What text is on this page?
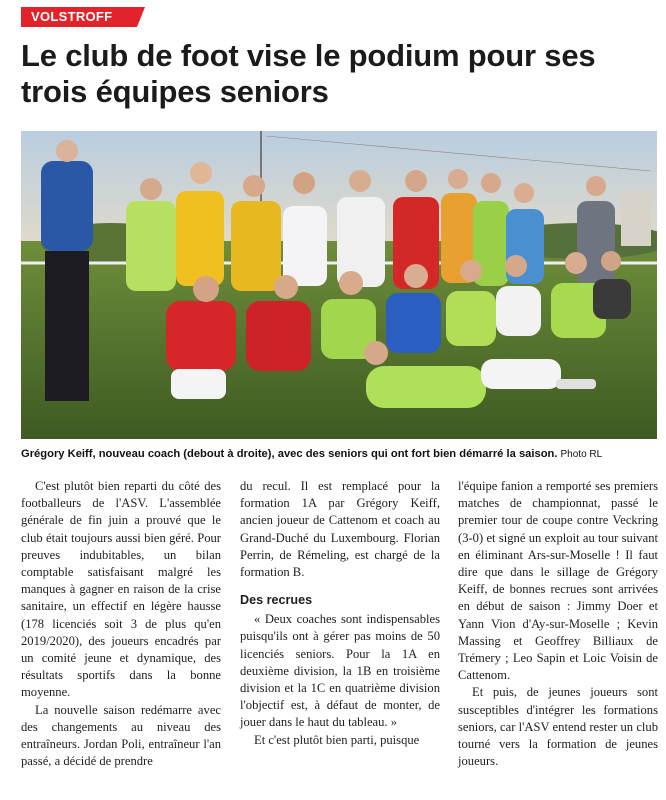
VOLSTROFF
Le club de foot vise le podium pour ses trois équipes seniors
Grégory Keiff, nouveau coach (debout à droite), avec des seniors qui ont fort bien démarré la saison. Photo RL

C'est plutôt bien reparti du côté des footballeurs de l'ASV. L'assemblée générale de fin juin a prouvé que le club était toujours aussi bien géré. Pour preuves indubitables, un bilan comptable satisfaisant malgré les manques à gagner en raison de la crise sanitaire, un effectif en légère hausse (178 licenciés soit 3 de plus qu'en 2019/2020), des joueurs encadrés par un comité jeune et dynamique, des résultats sportifs dans la bonne moyenne.

La nouvelle saison redémarre avec des changements au niveau des entraîneurs. Jordan Poli, entraîneur l'an passé, a décidé de prendre

du recul. Il est remplacé pour la formation 1A par Grégory Keiff, ancien joueur de Cattenom et coach au Grand-Duché du Luxembourg. Florian Perrin, de Rémeling, est chargé de la formation B.

Des recrues

« Deux coaches sont indispensables puisqu'ils ont à gérer pas moins de 50 licenciés seniors. Pour la 1A en deuxième division, la 1B en troisième division et la 1C en quatrième division l'objectif est, à défaut de monter, de jouer dans le haut du tableau. »

Et c'est plutôt bien parti, puisque

l'équipe fanion a remporté ses premiers matches de championnat, passé le premier tour de coupe contre Veckring (3-0) et signé un exploit au tour suivant en éliminant Ars-sur-Moselle ! Il faut dire que dans le sillage de Grégory Keiff, de bonnes recrues sont arrivées en début de saison : Jimmy Doer et Yann Vion d'Ay-sur-Moselle ; Kevin Massing et Geoffrey Billiaux de Trémery ; Leo Sapin et Loic Voisin de Cattenom.

Et puis, de jeunes joueurs sont susceptibles d'intégrer les formations seniors, car l'ASV entend rester un club tourné vers la formation de jeunes joueurs.
